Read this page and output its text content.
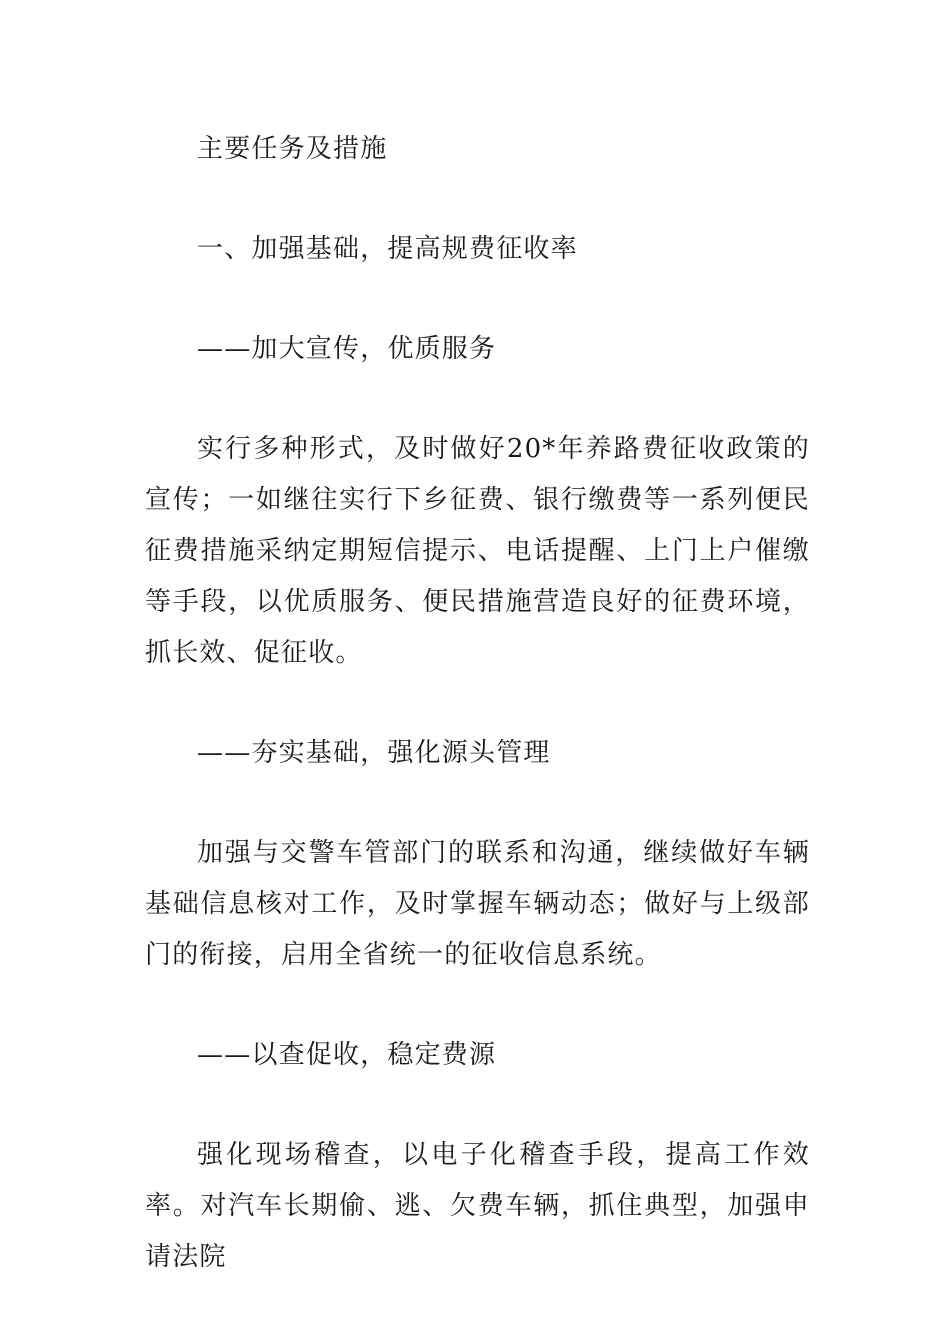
主要任务及措施

一、加强基础，提高规费征收率

——加大宣传，优质服务

实行多种形式，及时做好20*年养路费征收政策的宣传；一如继往实行下乡征费、银行缴费等一系列便民征费措施采纳定期短信提示、电话提醒、上门上户催缴等手段，以优质服务、便民措施营造良好的征费环境，抓长效、促征收。

——夯实基础，强化源头管理

加强与交警车管部门的联系和沟通，继续做好车辆基础信息核对工作，及时掌握车辆动态；做好与上级部门的衔接，启用全省统一的征收信息系统。

——以查促收，稳定费源

强化现场稽查，以电子化稽查手段，提高工作效率。对汽车长期偷、逃、欠费车辆，抓住典型，加强申请法院
